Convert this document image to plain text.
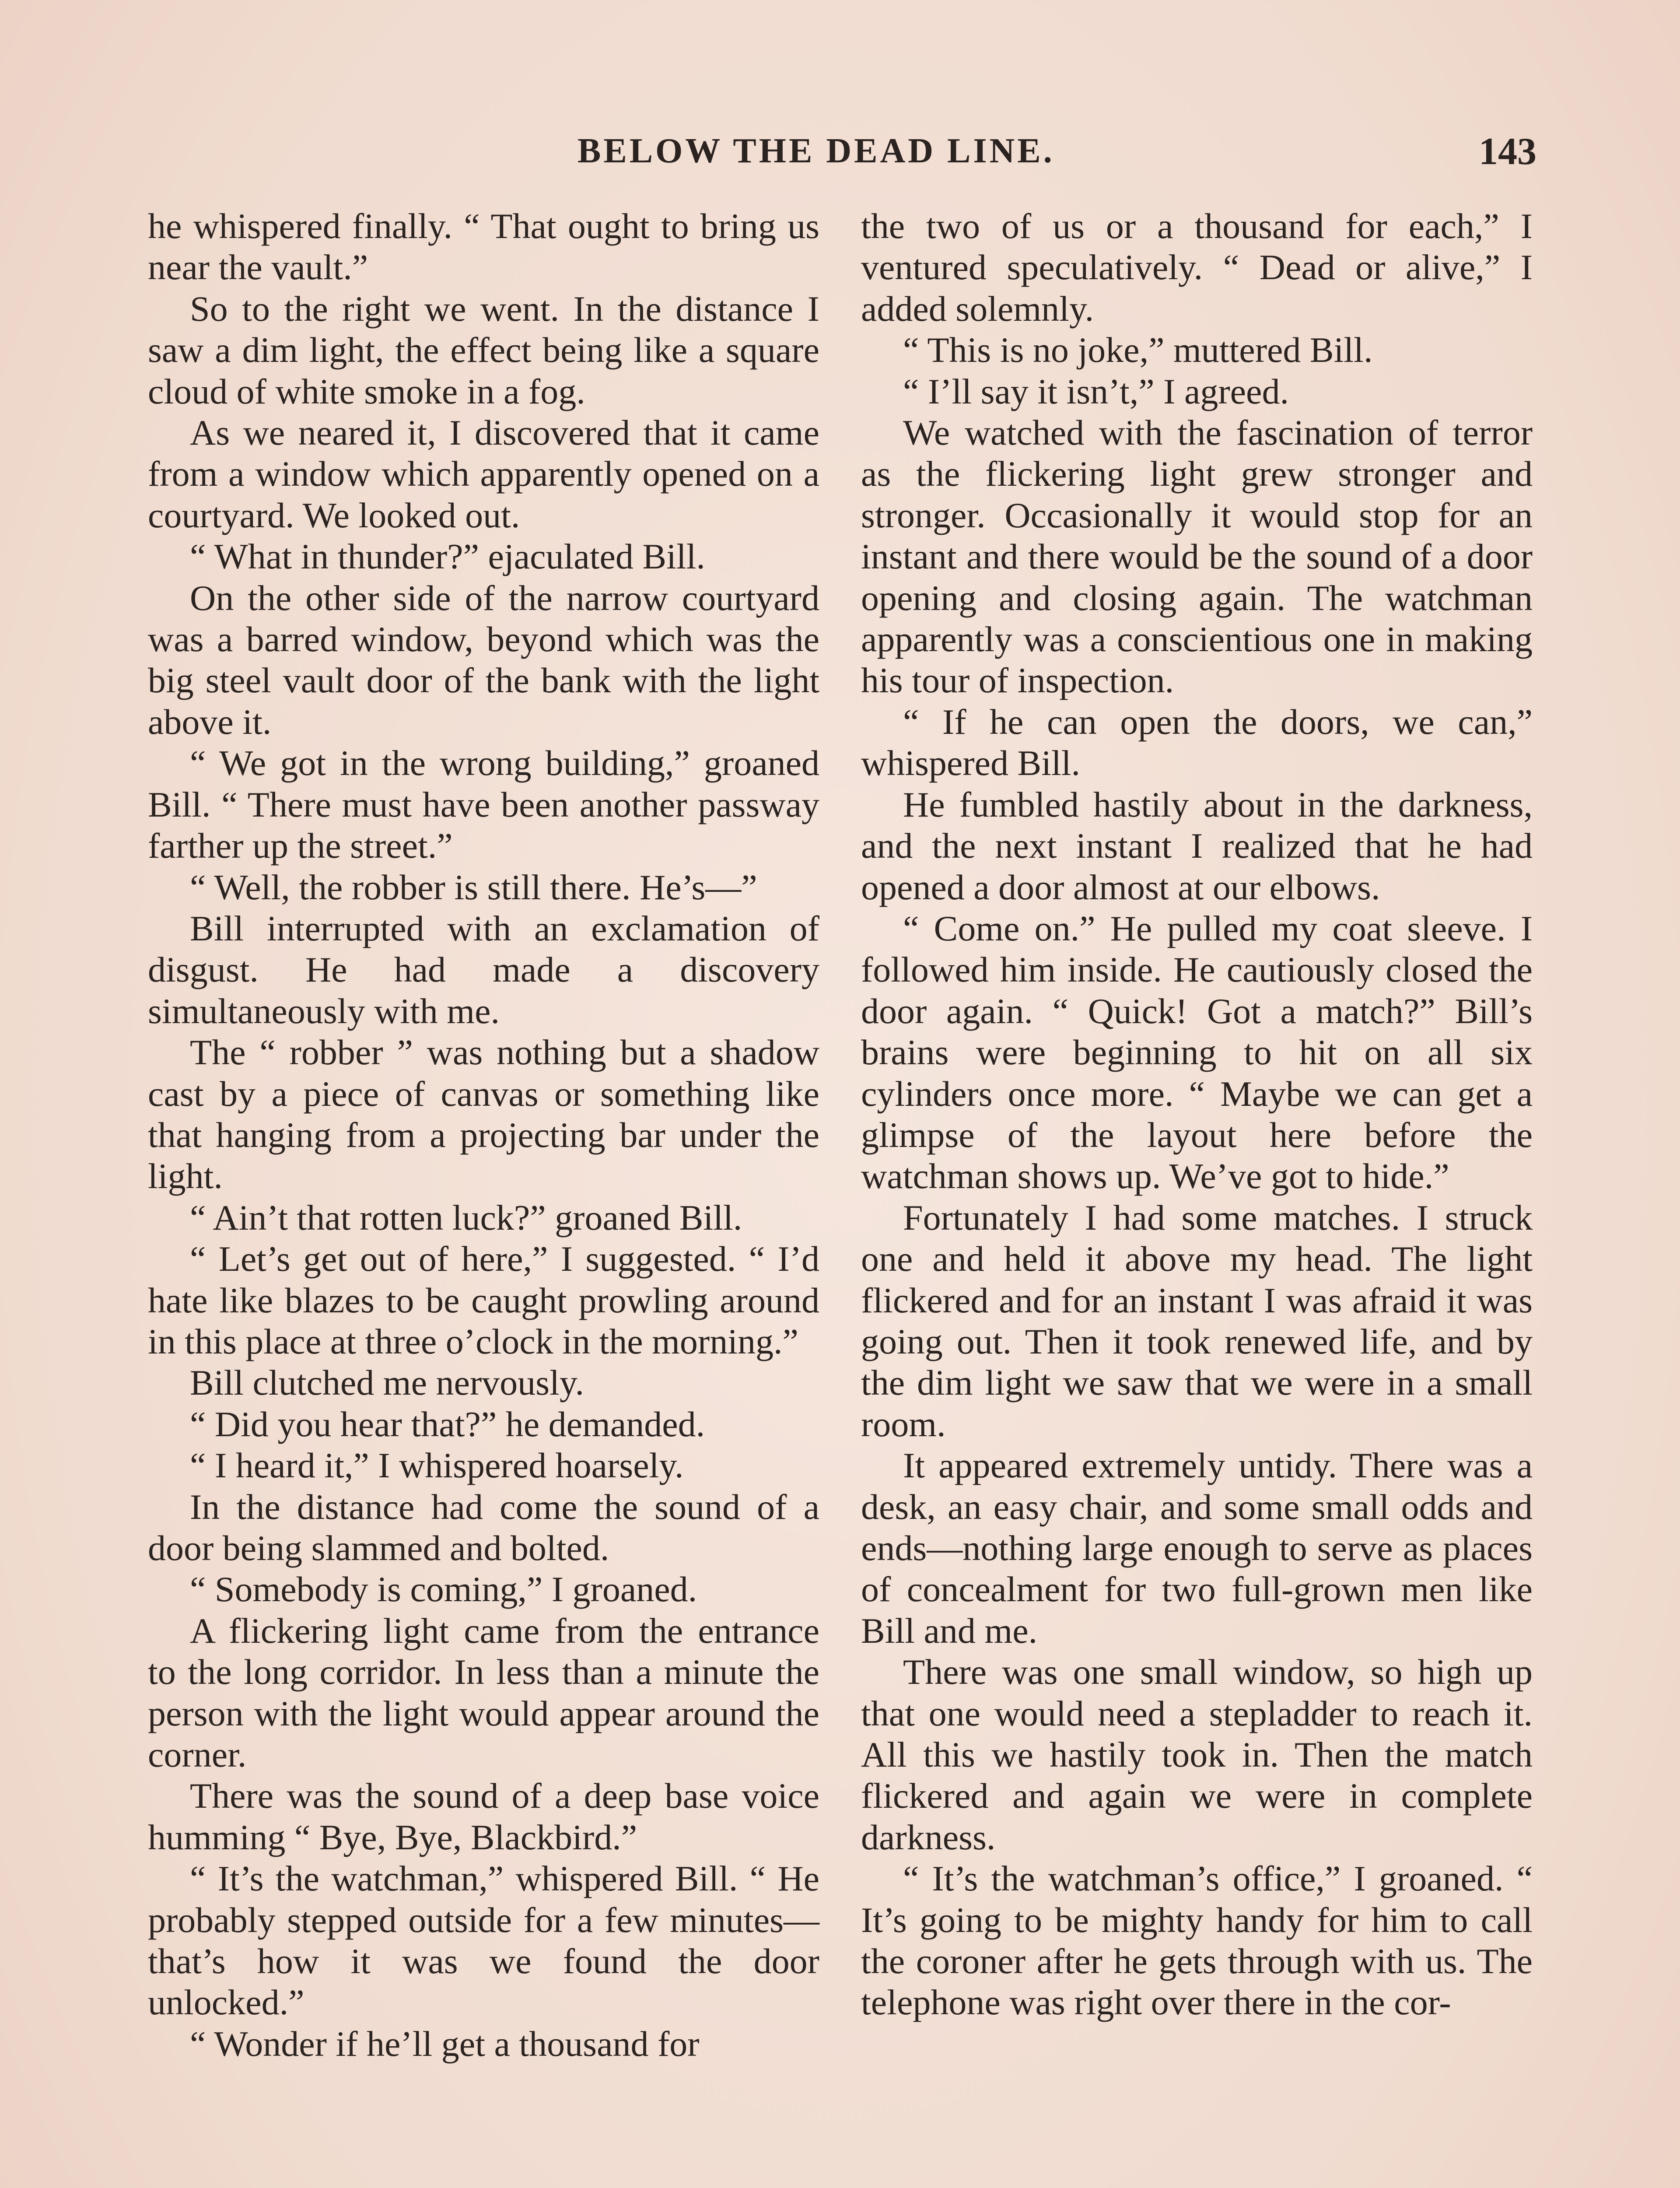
BELOW THE DEAD LINE.	143

he whispered finally. “ That ought to bring us near the vault.”

So to the right we went. In the distance I saw a dim light, the effect being like a square cloud of white smoke in a fog.

As we neared it, I discovered that it came from a window which apparently opened on a courtyard. We looked out.

“ What in thunder?” ejaculated Bill.

On the other side of the narrow courtyard was a barred window, beyond which was the big steel vault door of the bank with the light above it.

“ We got in the wrong building,” groaned Bill. “ There must have been another passway farther up the street.”

“ Well, the robber is still there. He’s—”

Bill interrupted with an exclamation of disgust. He had made a discovery simultaneously with me.

The “ robber ” was nothing but a shadow cast by a piece of canvas or something like that hanging from a projecting bar under the light.

“ Ain’t that rotten luck?” groaned Bill.

“ Let’s get out of here,” I suggested. “ I’d hate like blazes to be caught prowling around in this place at three o’clock in the morning.”

Bill clutched me nervously.

“ Did you hear that?” he demanded.

“ I heard it,” I whispered hoarsely.

In the distance had come the sound of a door being slammed and bolted.

“ Somebody is coming,” I groaned.

A flickering light came from the entrance to the long corridor. In less than a minute the person with the light would appear around the corner.

There was the sound of a deep base voice humming “ Bye, Bye, Blackbird.”

“ It’s the watchman,” whispered Bill. “ He probably stepped outside for a few minutes—that’s how it was we found the door unlocked.”

“ Wonder if he’ll get a thousand for

the two of us or a thousand for each,” I ventured speculatively. “ Dead or alive,” I added solemnly.

“ This is no joke,” muttered Bill.

“ I’ll say it isn’t,” I agreed.

We watched with the fascination of terror as the flickering light grew stronger and stronger. Occasionally it would stop for an instant and there would be the sound of a door opening and closing again. The watchman apparently was a conscientious one in making his tour of inspection.

“ If he can open the doors, we can,” whispered Bill.

He fumbled hastily about in the darkness, and the next instant I realized that he had opened a door almost at our elbows.

“ Come on.” He pulled my coat sleeve. I followed him inside. He cautiously closed the door again. “ Quick! Got a match?” Bill’s brains were beginning to hit on all six cylinders once more. “ Maybe we can get a glimpse of the layout here before the watchman shows up. We’ve got to hide.”

Fortunately I had some matches. I struck one and held it above my head. The light flickered and for an instant I was afraid it was going out. Then it took renewed life, and by the dim light we saw that we were in a small room.

It appeared extremely untidy. There was a desk, an easy chair, and some small odds and ends—nothing large enough to serve as places of concealment for two full-grown men like Bill and me.

There was one small window, so high up that one would need a stepladder to reach it. All this we hastily took in. Then the match flickered and again we were in complete darkness.

“ It’s the watchman’s office,” I groaned. “ It’s going to be mighty handy for him to call the coroner after he gets through with us. The telephone was right over there in the cor-
